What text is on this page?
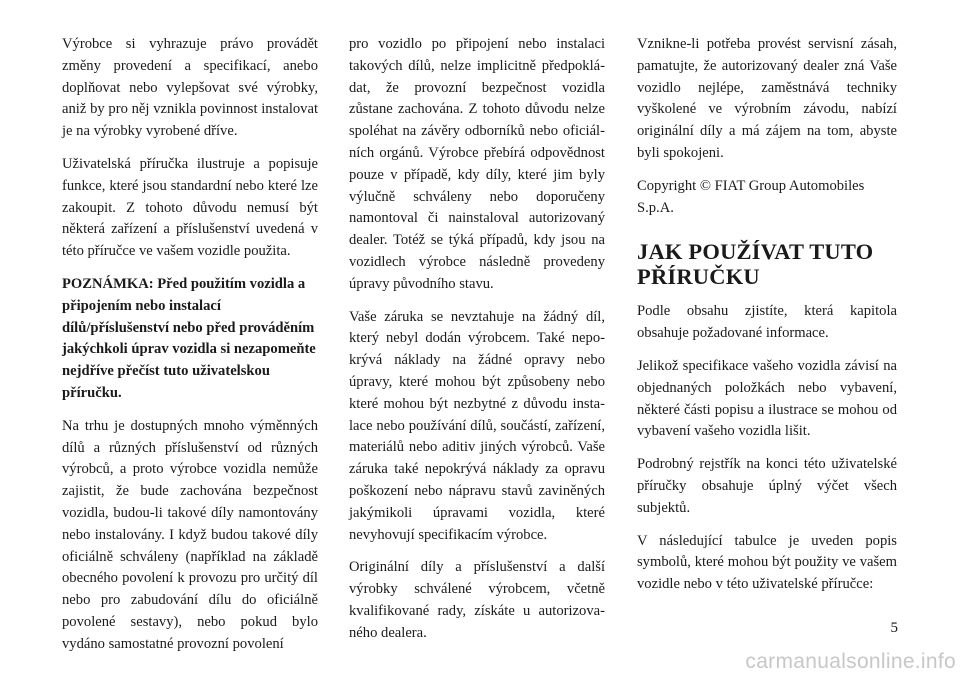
Výrobce si vyhrazuje právo provádět změny provedení a specifikací, anebo doplňovat nebo vylepšovat své výrobky, aniž by pro něj vznikla povinnost instalovat je na výrobky vyrobené dříve.

Uživatelská příručka ilustruje a popisuje funkce, které jsou standardní nebo které lze zakoupit. Z tohoto důvodu nemusí být některá zařízení a příslušenství uvedená v této příručce ve vašem vozidle použita.

POZNÁMKA: Před použitím vozidla a připojením nebo instalací dílů/příslušenství nebo před prováděním jakýchkoli úprav vozidla si nezapomeňte nejdříve přečíst tuto uživatelskou příručku.

Na trhu je dostupných mnoho výměnných dílů a různých příslušenství od různých výrobců, a proto výrobce vozidla nemůže zajistit, že bude zachována bezpečnost vozidla, budou-li takové díly namontovány nebo instalovány. I když budou takové díly oficiálně schváleny (například na základě obecného povolení k provozu pro určitý díl nebo pro zabudování dílu do oficiálně povolené sestavy), nebo pokud bylo vydáno samostatné provozní povolení

pro vozidlo po připojení nebo instalaci takových dílů, nelze implicitně předpokládat, že provozní bezpečnost vozidla zůstane zachována. Z tohoto důvodu nelze spoléhat na závěry odborníků nebo oficiálních orgánů. Výrobce přebírá odpovědnost pouze v případě, kdy díly, které jim byly výlučně schváleny nebo doporučeny namontoval či nainstaloval autorizovaný dealer. Totéž se týká případů, kdy jsou na vozidlech výrobce následně provedeny úpravy původního stavu.

Vaše záruka se nevztahuje na žádný díl, který nebyl dodán výrobcem. Také nepokrývá náklady na žádné opravy nebo úpravy, které mohou být způsobeny nebo které mohou být nezbytné z důvodu instalace nebo používání dílů, součástí, zařízení, materiálů nebo aditiv jiných výrobců. Vaše záruka také nepokrývá náklady za opravu poškození nebo nápravu stavů zaviněných jakýmikoli úpravami vozidla, které nevyhovují specifikacím výrobce.

Originální díly a příslušenství a další výrobky schválené výrobcem, včetně kvalifikované rady, získáte u autorizovaného dealera.

Vznikne-li potřeba provést servisní zásah, pamatujte, že autorizovaný dealer zná Vaše vozidlo nejlépe, zaměstnává techniky vyškolené ve výrobním závodu, nabízí originální díly a má zájem na tom, abyste byli spokojeni.

Copyright © FIAT Group Automobiles S.p.A.

JAK POUŽÍVAT TUTO PŘÍRUČKU

Podle obsahu zjistíte, která kapitola obsahuje požadované informace.

Jelikož specifikace vašeho vozidla závisí na objednaných položkách nebo vybavení, některé části popisu a ilustrace se mohou od vybavení vašeho vozidla lišit.

Podrobný rejstřík na konci této uživatelské příručky obsahuje úplný výčet všech subjektů.

V následující tabulce je uveden popis symbolů, které mohou být použity ve vašem vozidle nebo v této uživatelské příručce:

5
carmanualsonline.info
